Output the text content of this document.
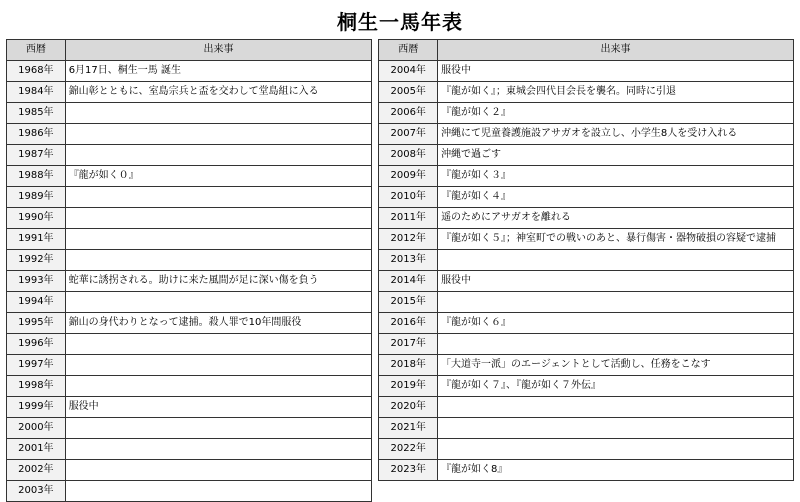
桐生一馬年表
西暦	出来事
1968年	6月17日、桐生一馬 誕生
1984年	錦山彰とともに、室島宗兵と盃を交わして堂島組に入る
1985年	
1986年	
1987年	
1988年	『龍が如く０』
1989年	
1990年	
1991年	
1992年	
1993年	蛇華に誘拐される。助けに来た風間が足に深い傷を負う
1994年	
1995年	錦山の身代わりとなって逮捕。殺人罪で10年間服役
1996年	
1997年	
1998年	
1999年	服役中
2000年	
2001年	
2002年	
2003年	
西暦	出来事
2004年	服役中
2005年	『龍が如く』；東城会四代目会長を襲名。同時に引退
2006年	『龍が如く２』
2007年	沖縄にて児童養護施設アサガオを設立し、小学生8人を受け入れる
2008年	沖縄で過ごす
2009年	『龍が如く３』
2010年	『龍が如く４』
2011年	遥のためにアサガオを離れる
2012年	『龍が如く５』；神室町での戦いのあと、暴行傷害・器物破損の容疑で逮捕
2013年	
2014年	服役中
2015年	
2016年	『龍が如く６』
2017年	
2018年	「大道寺一派」のエージェントとして活動し、任務をこなす
2019年	『龍が如く７』、『龍が如く７外伝』
2020年	
2021年	
2022年	
2023年	『龍が如く8』
